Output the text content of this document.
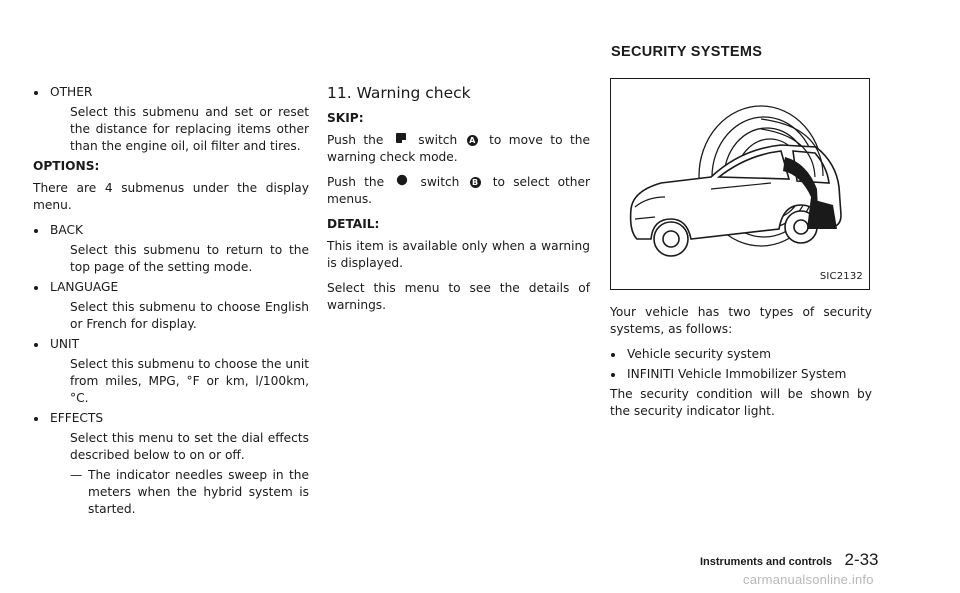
OTHER

Select this submenu and set or reset the distance for replacing items other than the engine oil, oil filter and tires.

OPTIONS:

There are 4 submenus under the display menu.

BACK

Select this submenu to return to the top page of the setting mode.

LANGUAGE

Select this submenu to choose English or French for display.

UNIT

Select this submenu to choose the unit from miles, MPG, °F or km, l/100km, °C.

EFFECTS

Select this menu to set the dial effects described below to on or off.

— The indicator needles sweep in the meters when the hybrid system is started.

11. Warning check

SKIP:

Push the	switch A to move to the warning check mode.

Push the	switch B to select other menus.

DETAIL:

This item is available only when a warning is displayed.

Select this menu to see the details of warnings.

SECURITY SYSTEMS
SIC2132

Your vehicle has two types of security systems, as follows:

Vehicle security system

INFINITI Vehicle Immobilizer System

The security condition will be shown by the security indicator light.

Instruments and controls 2-33
carmanualsonline.info
